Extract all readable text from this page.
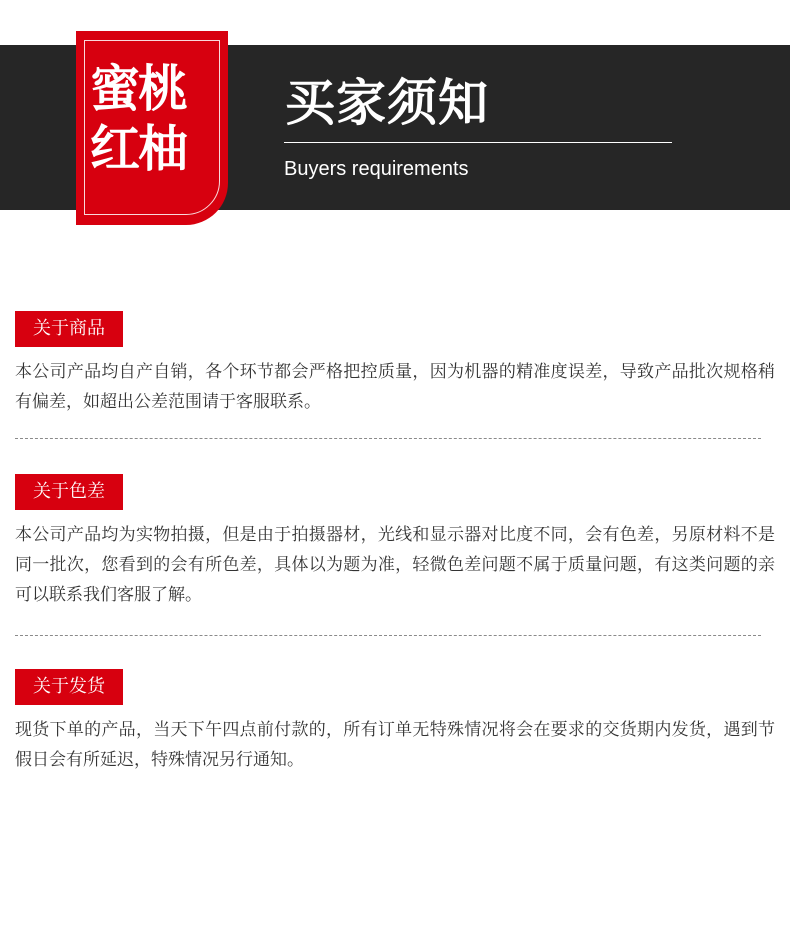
蜜桃
红柚
买家须知
Buyers requirements
关于商品
本公司产品均自产自销，各个环节都会严格把控质量，因为机器的精准度误差，导致产品批次规格稍有偏差，如超出公差范围请于客服联系。
关于色差
本公司产品均为实物拍摄，但是由于拍摄器材，光线和显示器对比度不同，会有色差，另原材料不是同一批次，您看到的会有所色差，具体以为题为准，轻微色差问题不属于质量问题，有这类问题的亲可以联系我们客服了解。
关于发货
现货下单的产品，当天下午四点前付款的，所有订单无特殊情况将会在要求的交货期内发货，遇到节假日会有所延迟，特殊情况另行通知。
